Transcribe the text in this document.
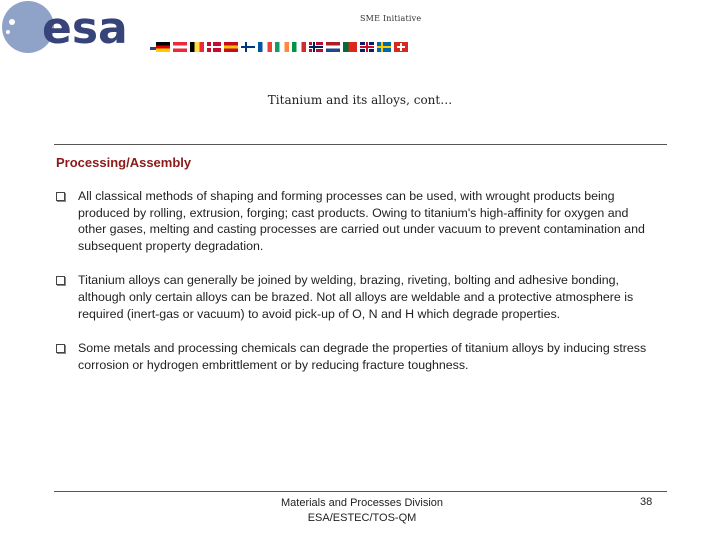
esa	SME Initiative
Titanium and its alloys, cont…
Processing/Assembly
All classical methods of shaping and forming processes can be used, with wrought products being produced by rolling, extrusion, forging; cast products. Owing to titanium's high-affinity for oxygen and other gases, melting and casting processes are carried out under vacuum to prevent contamination and subsequent property degradation.
Titanium alloys can generally be joined by welding, brazing, riveting, bolting and adhesive bonding, although only certain alloys can be brazed. Not all alloys are weldable and a protective atmosphere is required (inert-gas or vacuum) to avoid pick-up of O, N and H which degrade properties.
Some metals and processing chemicals can degrade the properties of titanium alloys by inducing stress corrosion or hydrogen embrittlement or by reducing fracture toughness.
Materials and Processes Division
ESA/ESTEC/TOS-QM
38
